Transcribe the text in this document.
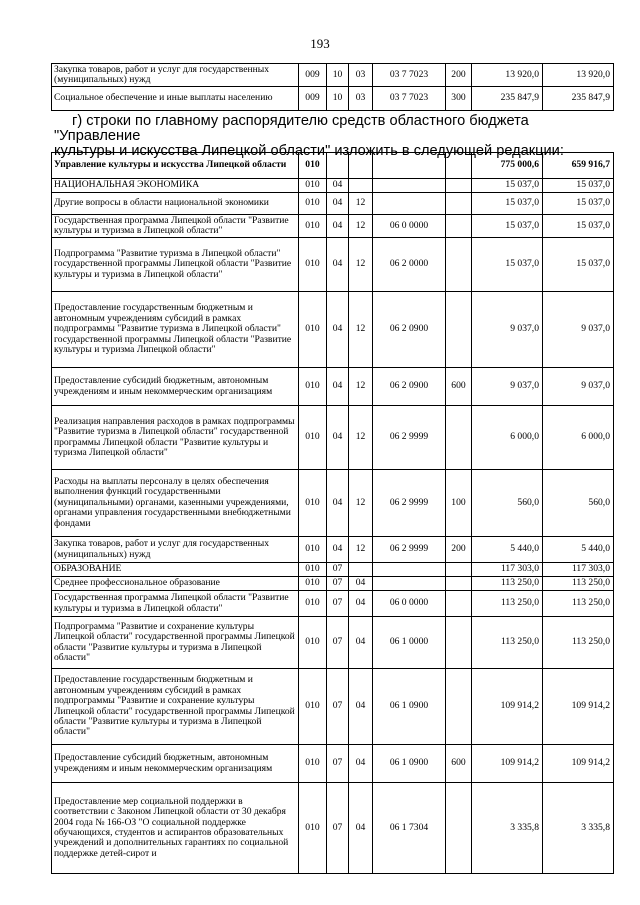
193
Закупка товаров, работ и услуг для государственных (муниципальных) нужд	009	10	03	03 7 7023	200	13 920,0	13 920,0
Социальное обеспечение и иные выплаты населению	009	10	03	03 7 7023	300	235 847,9	235 847,9
г) строки по главному распорядителю средств областного бюджета "Управление
культуры и искусства Липецкой области" изложить в следующей редакции:
Управление культуры и искусства Липецкой области	010					775 000,6	659 916,7
НАЦИОНАЛЬНАЯ ЭКОНОМИКА	010	04				15 037,0	15 037,0
Другие вопросы в области национальной экономики	010	04	12			15 037,0	15 037,0
Государственная программа Липецкой области "Развитие культуры и туризма в Липецкой области"	010	04	12	06 0 0000		15 037,0	15 037,0
Подпрограмма "Развитие туризма в Липецкой области" государственной программы Липецкой области "Развитие культуры и туризма в Липецкой области"	010	04	12	06 2 0000		15 037,0	15 037,0
Предоставление государственным бюджетным и автономным учреждениям субсидий в рамках подпрограммы "Развитие туризма в Липецкой области" государственной программы Липецкой области "Развитие культуры и туризма Липецкой области"	010	04	12	06 2 0900		9 037,0	9 037,0
Предоставление субсидий бюджетным, автономным учреждениям и иным некоммерческим организациям	010	04	12	06 2 0900	600	9 037,0	9 037,0
Реализация направления расходов в рамках подпрограммы "Развитие туризма в Липецкой области" государственной программы Липецкой области "Развитие культуры и туризма Липецкой области"	010	04	12	06 2 9999		6 000,0	6 000,0
Расходы на выплаты персоналу в целях обеспечения выполнения функций государственными (муниципальными) органами, казенными учреждениями, органами управления государственными внебюджетными фондами	010	04	12	06 2 9999	100	560,0	560,0
Закупка товаров, работ и услуг для государственных (муниципальных) нужд	010	04	12	06 2 9999	200	5 440,0	5 440,0
ОБРАЗОВАНИЕ	010	07				117 303,0	117 303,0
Среднее профессиональное образование	010	07	04			113 250,0	113 250,0
Государственная программа Липецкой области "Развитие культуры и туризма в Липецкой области"	010	07	04	06 0 0000		113 250,0	113 250,0
Подпрограмма "Развитие и сохранение культуры Липецкой области" государственной программы Липецкой области "Развитие культуры и туризма в Липецкой области"	010	07	04	06 1 0000		113 250,0	113 250,0
Предоставление государственным бюджетным и автономным учреждениям субсидий в рамках подпрограммы "Развитие и сохранение культуры Липецкой области" государственной программы Липецкой области "Развитие культуры и туризма в Липецкой области"	010	07	04	06 1 0900		109 914,2	109 914,2
Предоставление субсидий бюджетным, автономным учреждениям и иным некоммерческим организациям	010	07	04	06 1 0900	600	109 914,2	109 914,2
Предоставление мер социальной поддержки в соответствии с Законом Липецкой области от 30 декабря 2004 года № 166-ОЗ "О социальной поддержке обучающихся, студентов и аспирантов образовательных учреждений и дополнительных гарантиях по социальной поддержке детей-сирот и	010	07	04	06 1 7304		3 335,8	3 335,8
